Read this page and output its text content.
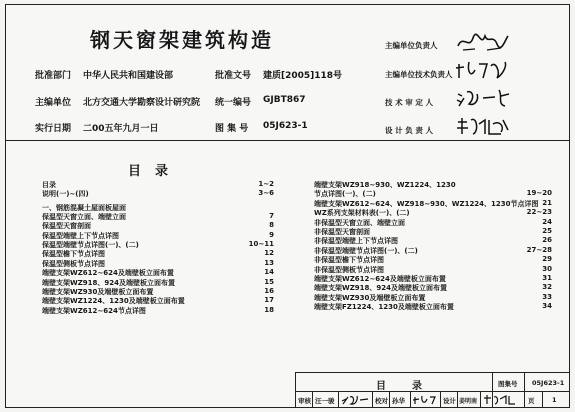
钢天窗架建筑构造
批准部门 中华人民共和国建设部	批准文号 建质[2005]118号
主编单位 北方交通大学勘察设计研究院 统一编号 GJBT867
实行日期 二00五年九月一日	图 集 号 05J623-1
主编单位负责人
主编单位技术负责人
技 术 审 定 人
设 计 负 责 人
目录
目录	1~2
说明(一)~(四)	3~6
一、钢筋混凝土屋面板屋面
保温型天窗立面、端壁立面	7
保温型天窗剖面	8
保温型端壁上下节点详图	9
保温型端壁节点详图(一)、(二)	10~11
保温型檐下节点详图	12
保温型侧板节点详图	13
端壁支架WZ612~624及端壁板立面布置	14
端壁支架WZ918、924及端壁板立面布置	15
端壁支架WZ930及端壁板立面布置	16
端壁支架WZ1224、1230及端壁板立面布置	17
端壁支架WZ612~624节点详图	18
端壁支架WZ918~930、WZ1224、1230
节点详图(一)、(二)	19~20
端壁支架WZ612~624、WZ918~930、WZ1224、1230节点详图 21
WZ系列支架材料表(一)、(二)	22~23
非保温型天窗立面、端壁立面	24
非保温型天窗剖面	25
非保温型端壁上下节点详图	26
非保温型端壁节点详图(一)、(二)	27~28
非保温型檐下节点详图	29
非保温型侧板节点详图	30
端壁支架WZ612~624及端壁板立面布置	31
端壁支架WZ918、924及端壁板立面布置	32
端壁支架WZ930及端壁板立面布置	33
端壁支架FZ1224、1230及端壁板立面布置	34
目　　录	图集号 05J623-1
审核 汪一骏	校对 孙华	设计 姜明南	页	1
